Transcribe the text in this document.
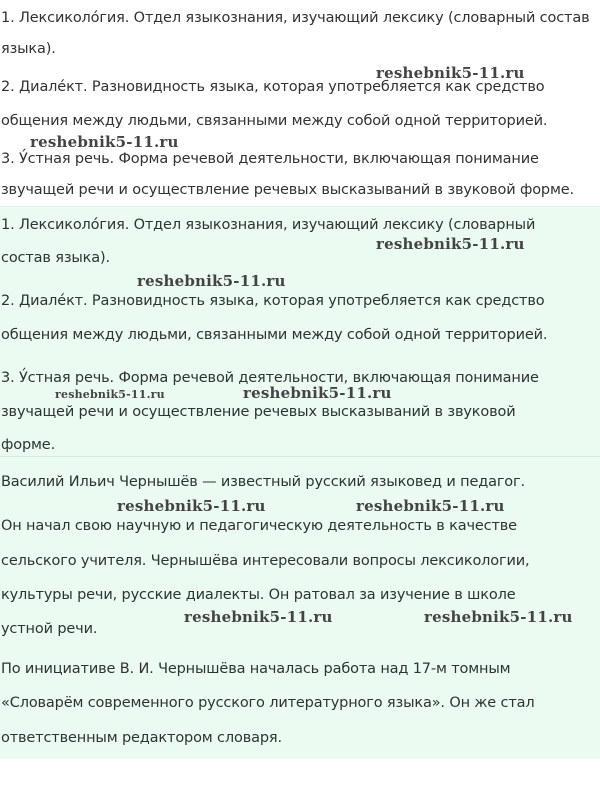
1. Лексиколо́гия. Отдел языкознания, изучающий лексику (словарный состав
языка).
2. Диале́кт. Разновидность языка, которая употребляется как средство
общения между людьми, связанными между собой одной территорией.
3. У́стная речь. Форма речевой деятельности, включающая понимание
звучащей речи и осуществление речевых высказываний в звуковой форме.
1. Лексиколо́гия. Отдел языкознания, изучающий лексику (словарный
состав языка).
2. Диале́кт. Разновидность языка, которая употребляется как средство
общения между людьми, связанными между собой одной территорией.
3. У́стная речь. Форма речевой деятельности, включающая понимание
звучащей речи и осуществление речевых высказываний в звуковой
форме.
Василий Ильич Чернышёв — известный русский языковед и педагог.
Он начал свою научную и педагогическую деятельность в качестве
сельского учителя. Чернышёва интересовали вопросы лексикологии,
культуры речи, русские диалекты. Он ратовал за изучение в школе
устной речи.
По инициативе В. И. Чернышёва началась работа над 17-м томным
«Словарём современного русского литературного языка». Он же стал
ответственным редактором словаря.
reshebnik5-11.ru
reshebnik5-11.ru
reshebnik5-11.ru
reshebnik5-11.ru
reshebnik5-11.ru	reshebnik5-11.ru
reshebnik5-11.ru	reshebnik5-11.ru
reshebnik5-11.ru	reshebnik5-11.ru
